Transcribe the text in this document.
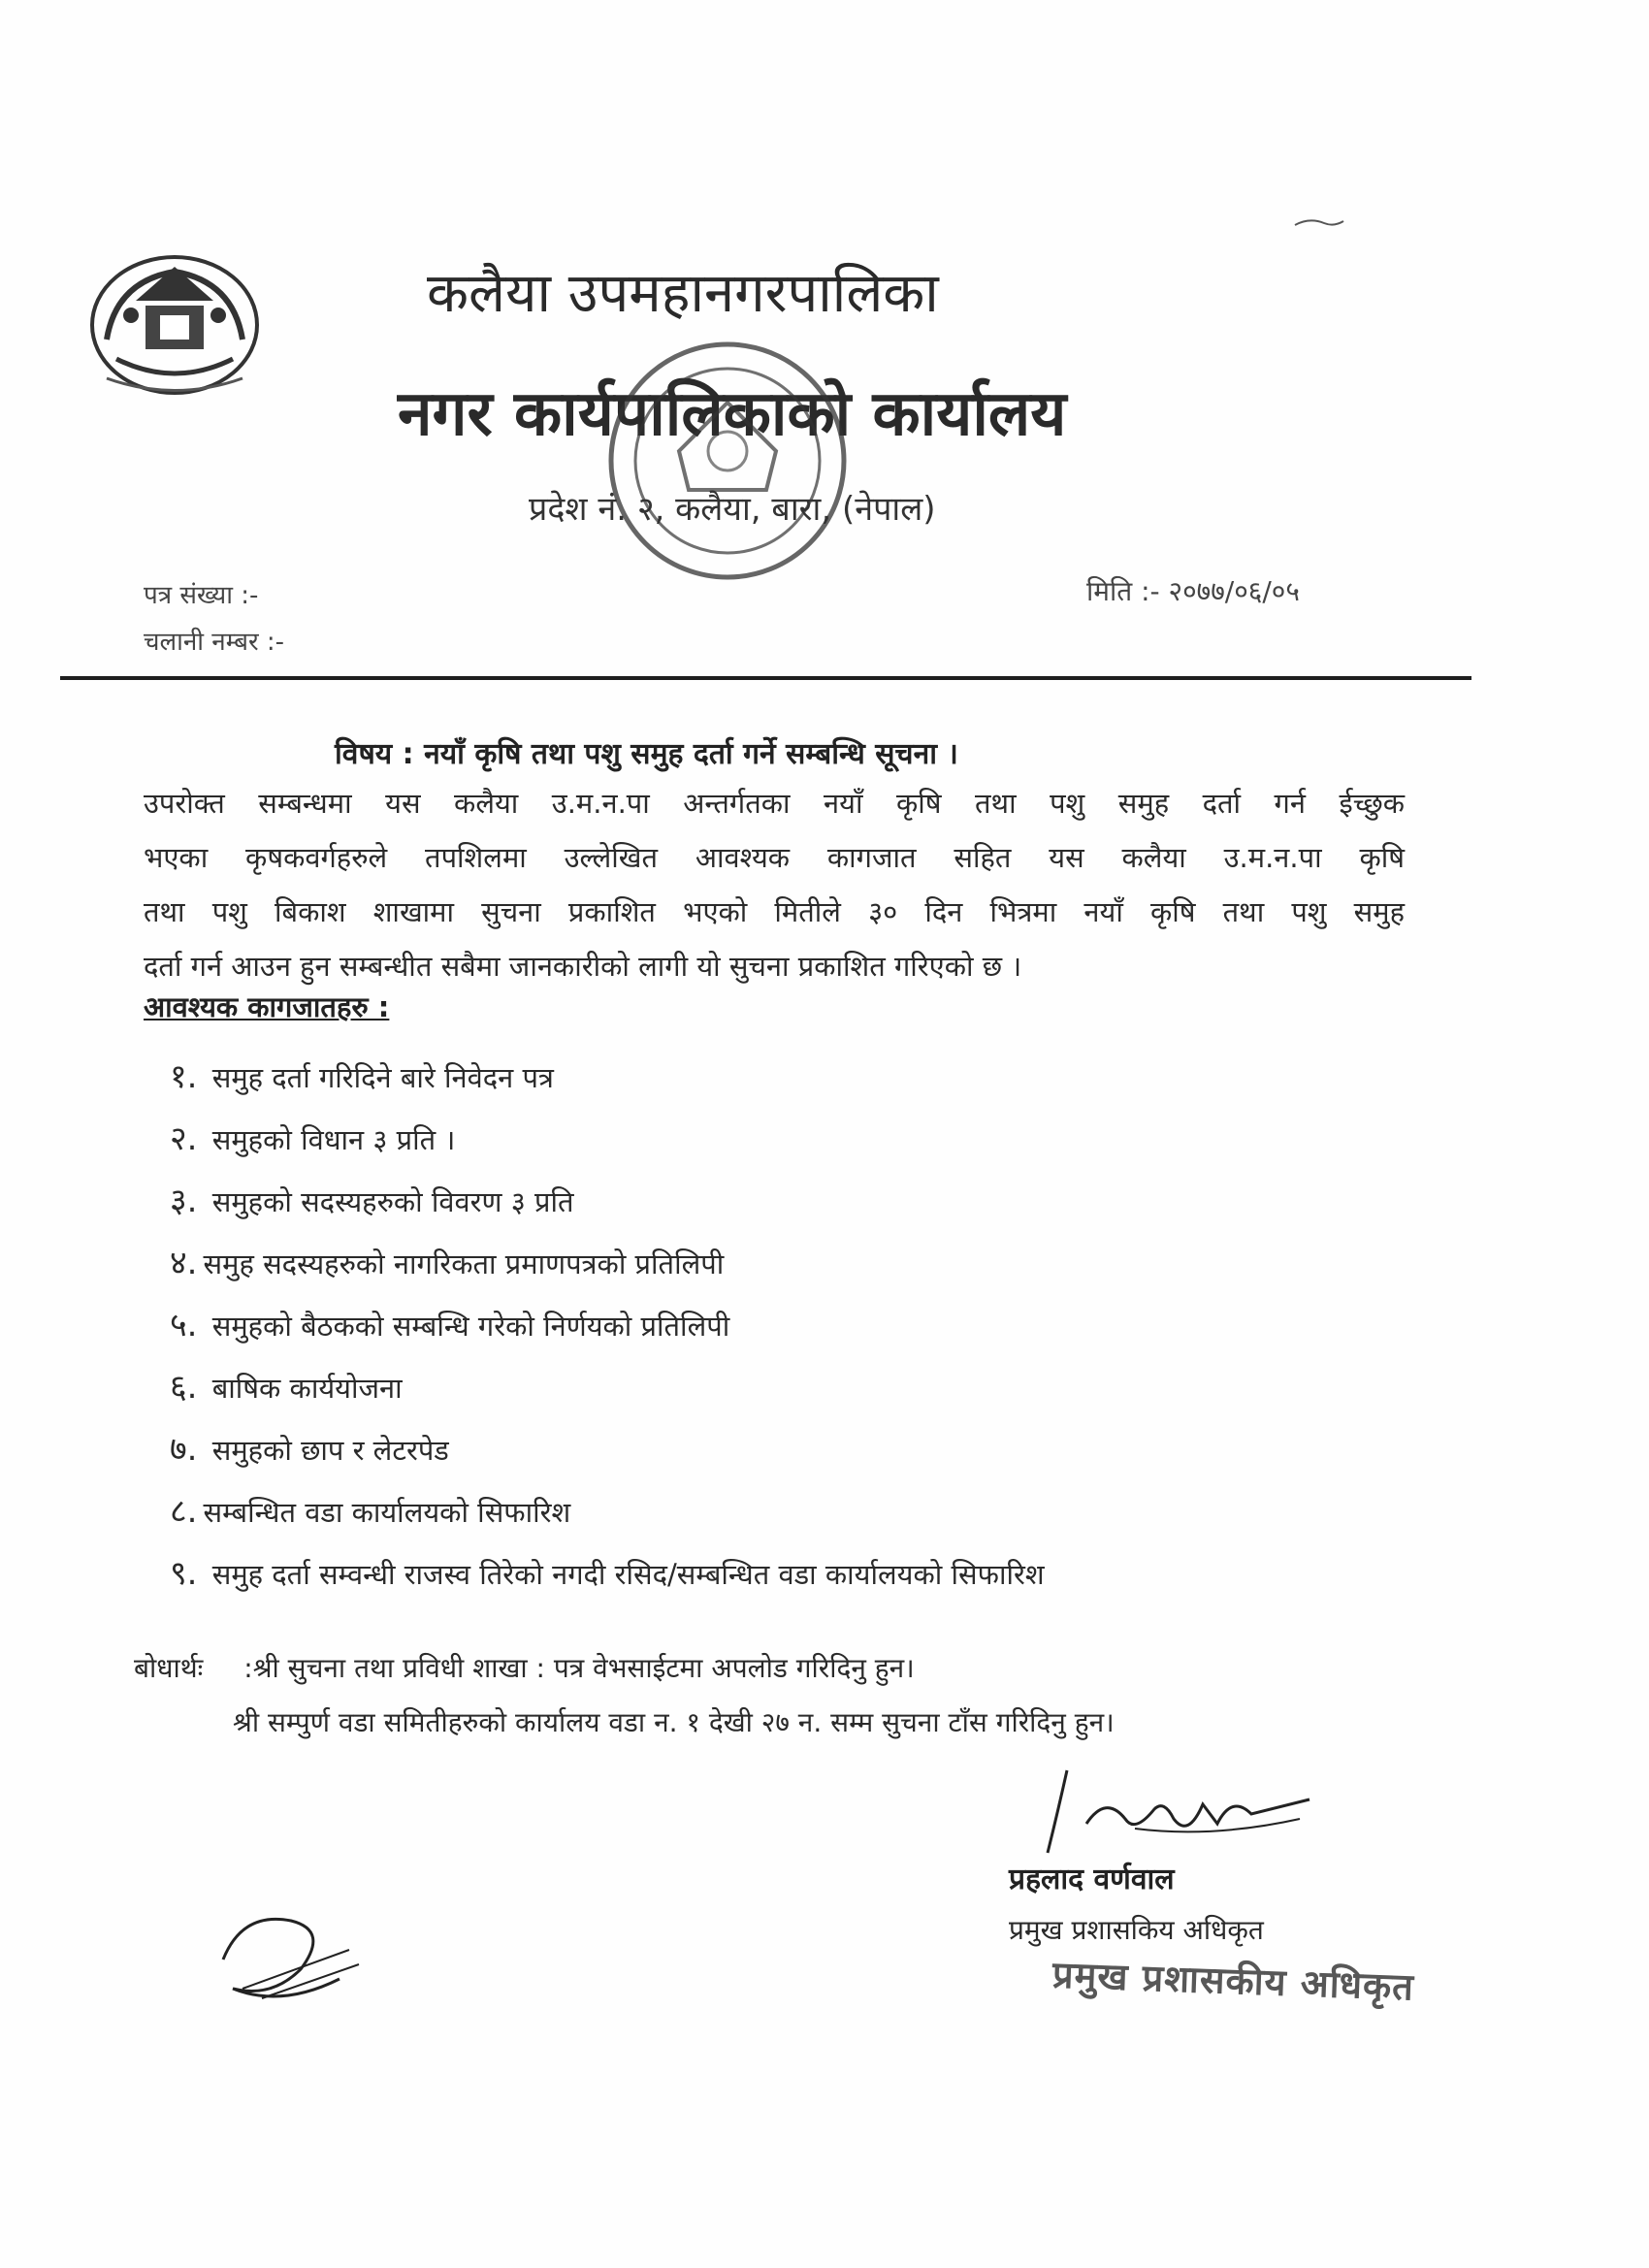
कलैया उपमहानगरपालिका
नगर कार्यपालिकाको कार्यालय
प्रदेश नं. २, कलैया, बारा, (नेपाल)
पत्र संख्या :-
चलानी नम्बर :-
मिति :- २०७७/०६/०५
विषय : नयाँ कृषि तथा पशु समुह दर्ता गर्ने सम्बन्धि सूचना ।
उपरोक्त सम्बन्धमा यस कलैया उ.म.न.पा अन्तर्गतका नयाँ कृषि तथा पशु समुह दर्ता गर्न ईच्छुक
भएका कृषकवर्गहरुले तपशिलमा उल्लेखित आवश्यक कागजात सहित यस कलैया उ.म.न.पा कृषि
तथा पशु बिकाश शाखामा सुचना प्रकाशित भएको मितीले ३० दिन भित्रमा नयाँ कृषि तथा पशु समुह
दर्ता गर्न आउन हुन सम्बन्धीत सबैमा जानकारीको लागी यो सुचना प्रकाशित गरिएको छ ।
आवश्यक कागजातहरु :
१. समुह दर्ता गरिदिने बारे निवेदन पत्र
२. समुहको विधान ३ प्रति ।
३. समुहको सदस्यहरुको विवरण ३ प्रति
४. समुह सदस्यहरुको नागरिकता प्रमाणपत्रको प्रतिलिपी
५. समुहको बैठकको सम्बन्धि गरेको निर्णयको प्रतिलिपी
६. बाषिक कार्ययोजना
७. समुहको छाप र लेटरपेड
८. सम्बन्धित वडा कार्यालयको सिफारिश
९. समुह दर्ता सम्वन्धी राजस्व तिरेको नगदी रसिद/सम्बन्धित वडा कार्यालयको सिफारिश
बोधार्थः :श्री सुचना तथा प्रविधी शाखा : पत्र वेभसाईटमा अपलोड गरिदिनु हुन।
श्री सम्पुर्ण वडा समितीहरुको कार्यालय वडा न. १ देखी २७ न. सम्म सुचना टाँस गरिदिनु हुन।
प्रहलाद वर्णवाल
प्रमुख प्रशासकिय अधिकृत
प्रमुख प्रशासकीय अधिकृत
